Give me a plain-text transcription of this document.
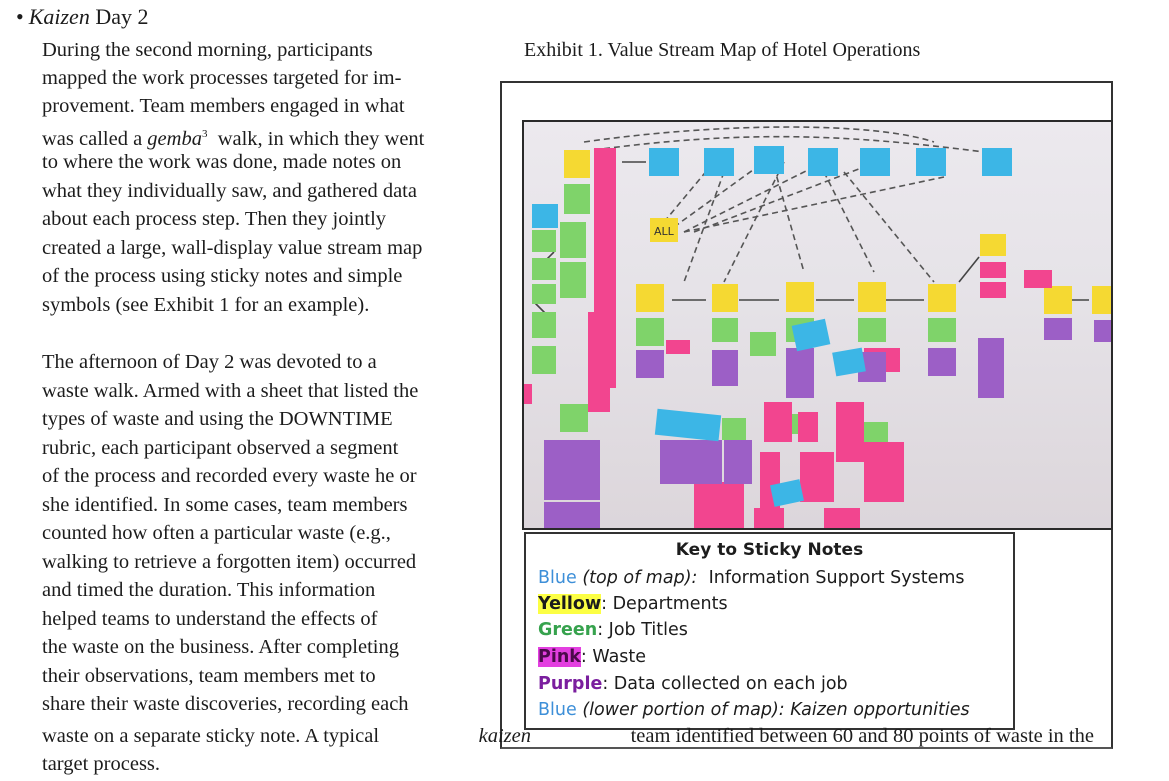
• Kaizen Day 2
During the second morning, participants
mapped the work processes targeted for im-
provement. Team members engaged in what
was called a gemba$^3$ walk, in which they went
to where the work was done, made notes on
what they individually saw, and gathered data
about each process step. Then they jointly
created a large, wall-display value stream map
of the process using sticky notes and simple
symbols (see Exhibit 1 for an example).
The afternoon of Day 2 was devoted to a
waste walk. Armed with a sheet that listed the
types of waste and using the DOWNTIME
rubric, each participant observed a segment
of the process and recorded every waste he or
she identified. In some cases, team members
counted how often a particular waste (e.g.,
walking to retrieve a forgotten item) occurred
and timed the duration. This information
helped teams to understand the effects of
the waste on the business. After completing
their observations, team members met to
share their waste discoveries, recording each
waste on a separate sticky note. A typical	kaizen	team identified between 60 and 80 points of waste in the
target process.
Exhibit 1. Value Stream Map of Hotel Operations
ALL
Key to Sticky Notes
Blue (top of map): Information Support Systems
Yellow: Departments
Green: Job Titles
Pink: Waste
Purple: Data collected on each job
Blue (lower portion of map): Kaizen opportunities
